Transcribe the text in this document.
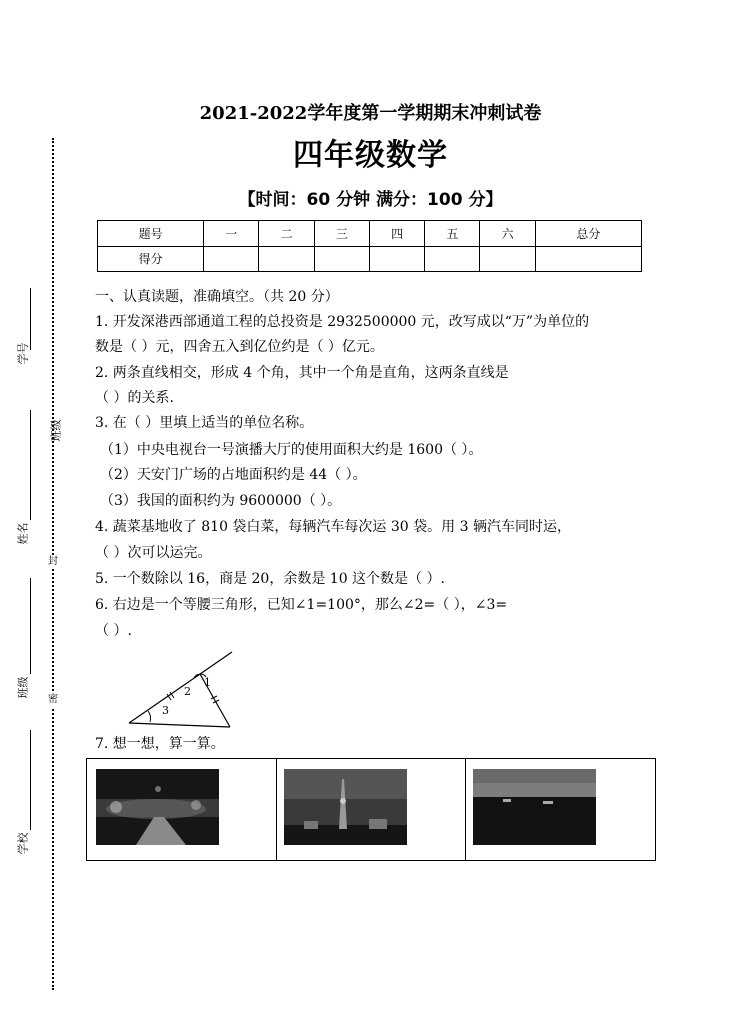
学号
姓名
班级
学校
班级
封
密
2021-2022学年度第一学期期末冲刺试卷
四年级数学
【时间：60 分钟 满分：100 分】
题号	一	二	三	四	五	六	总分
得分							
一、认真读题，准确填空。（共 20 分）
1. 开发深港西部通道工程的总投资是 2932500000 元，改写成以“万”为单位的
数是（ ）元，四舍五入到亿位约是（ ）亿元。
2. 两条直线相交，形成 4 个角，其中一个角是直角，这两条直线是
（ ）的关系.
3. 在（ ）里填上适当的单位名称。
（1）中央电视台一号演播大厅的使用面积大约是 1600（ ）。
（2）天安门广场的占地面积约是 44（ ）。
（3）我国的面积约为 9600000（ ）。
4. 蔬菜基地收了 810 袋白菜，每辆汽车每次运 30 袋。用 3 辆汽车同时运，
（ ）次可以运完。
5. 一个数除以 16，商是 20，余数是 10 这个数是（ ）.
6. 右边是一个等腰三角形，已知∠1=100°，那么∠2=（ ），∠3=
（ ）.
1
2
3
7. 想一想，算一算。
